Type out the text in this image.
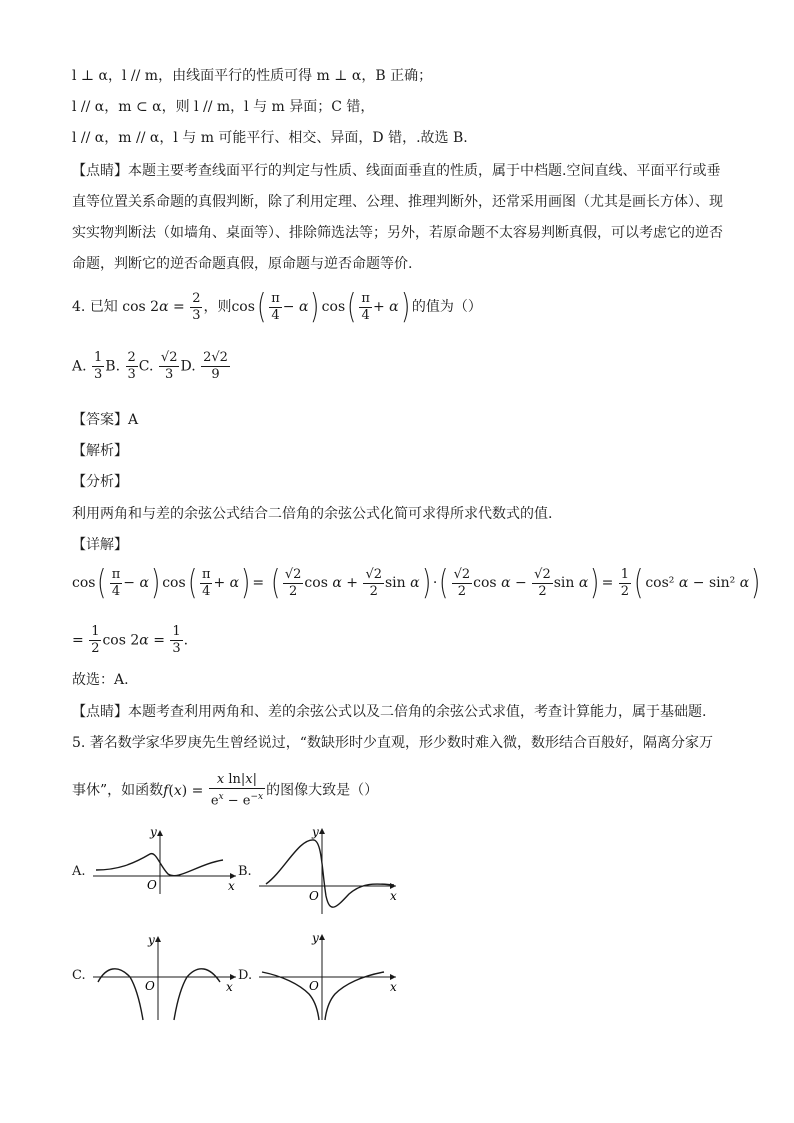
l ⊥ α，l // m，由线面平行的性质可得 m ⊥ α，B 正确；
l // α，m ⊂ α，则 l // m，l 与 m 异面；C 错，
l // α，m // α，l 与 m 可能平行、相交、异面，D 错，.故选 B.
【点睛】本题主要考查线面平行的判定与性质、线面面垂直的性质，属于中档题.空间直线、平面平行或垂直等位置关系命题的真假判断，除了利用定理、公理、推理判断外，还常采用画图（尤其是画长方体）、现实实物判断法（如墙角、桌面等）、排除筛选法等；另外，若原命题不太容易判断真假，可以考虑它的逆否命题，判断它的逆否命题真假，原命题与逆否命题等价.
4. 已知 $\cos 2\alpha = \frac{2}{3}$ ，则$\cos( \frac{\pi}{4} - \alpha)$ $\cos( \frac{\pi}{4} + \alpha)$ 的值为（）
A. $\frac{1}{3} B$. $\frac{2}{3} C$. $\frac{√2}{3} D$. $\frac{2√2}{9}$
【答案】A
【解析】
【分析】
利用两角和与差的余弦公式结合二倍角的余弦公式化简可求得所求代数式的值.
【详解】
$\cos( \frac{\pi}{4} - \alpha)$ $\cos( \frac{\pi}{4} + \alpha)$ = ( $\frac{√2}{2}$ $\cos \alpha + \frac{√2}{2}$ sin α) ·( $\frac{√2}{2}$ $\cos \alpha - \frac{√2}{2}$ $\sin \alpha) = \frac{1}{2}$ ( cos² α − sin² α)
= $\frac{1}{2}$ $\cos 2\alpha = \frac{1}{3}$ .
故选：A.
【点睛】本题考查利用两角和、差的余弦公式以及二倍角的余弦公式求值，考查计算能力，属于基础题.
5. 著名数学家华罗庚先生曾经说过，“数缺形时少直观，形少数时难入微，数形结合百般好，隔离分家万
事休”，如函数$f(x) = \frac{\text{x ln|x|}}{e^x - e^{-x}}$ 的图像大致是（）
A.	B.
C.	D.
y
O	x
y
O	x
y
O	x
y
O	x
